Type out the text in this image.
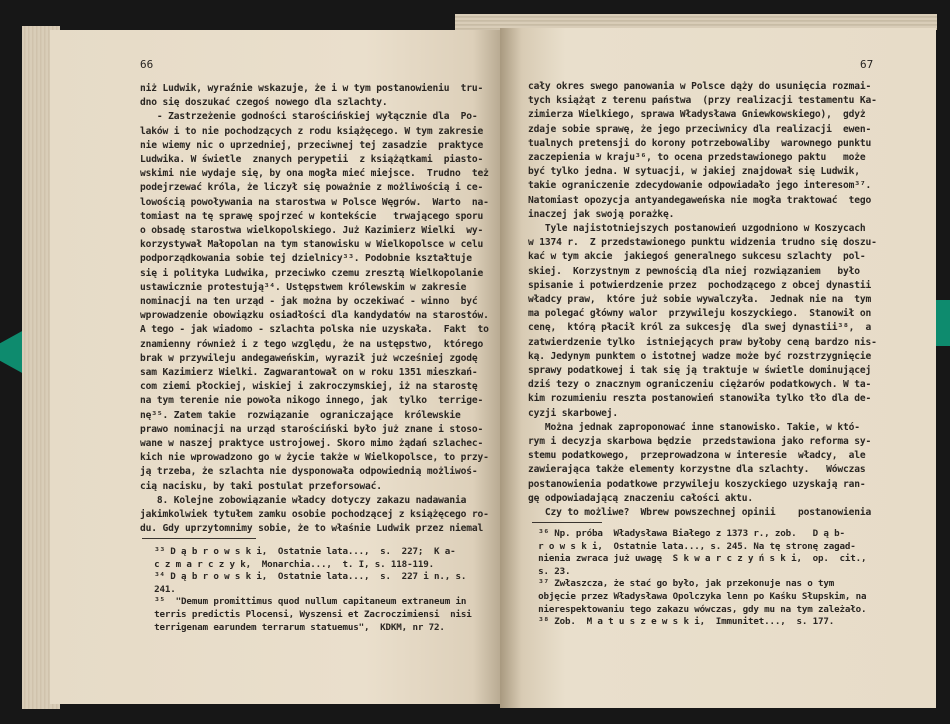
66
niż Ludwik, wyraźnie wskazuje, że i w tym postanowieniu  tru-
dno się doszukać czegoś nowego dla szlachty.
- Zastrzeżenie godności starościńskiej wyłącznie dla  Po-
laków i to nie pochodzących z rodu książęcego. W tym zakresie
nie wiemy nic o uprzedniej, przeciwnej tej zasadzie  praktyce
Ludwika. W świetle  znanych perypetii  z książątkami  piasto-
wskimi nie wydaje się, by ona mogła mieć miejsce.  Trudno  też
podejrzewać króla, że liczył się poważnie z możliwością i ce-
lowością powoływania na starostwa w Polsce Węgrów.  Warto  na-
tomiast na tę sprawę spojrzeć w kontekście   trwającego sporu
o obsadę starostwa wielkopolskiego. Już Kazimierz Wielki  wy-
korzystywał Małopolan na tym stanowisku w Wielkopolsce w celu
podporządkowania sobie tej dzielnicy³³. Podobnie kształtuje
się i polityka Ludwika, przeciwko czemu zresztą Wielkopolanie
ustawicznie protestują³⁴. Ustępstwem królewskim w zakresie
nominacji na ten urząd - jak można by oczekiwać - winno  być
wprowadzenie obowiązku osiadłości dla kandydatów na starostów.
A tego - jak wiadomo - szlachta polska nie uzyskała.  Fakt  to
znamienny również i z tego względu, że na ustępstwo,  którego
brak w przywileju andegaweńskim, wyraził już wcześniej zgodę
sam Kazimierz Wielki. Zagwarantował on w roku 1351 mieszkań-
com ziemi płockiej, wiskiej i zakroczymskiej, iż na starostę
na tym terenie nie powoła nikogo innego, jak  tylko  terrige-
nę³⁵. Zatem takie  rozwiązanie  ograniczające  królewskie
prawo nominacji na urząd starościński było już znane i stoso-
wane w naszej praktyce ustrojowej. Skoro mimo żądań szlachec-
kich nie wprowadzono go w życie także w Wielkopolsce, to przy-
ją trzeba, że szlachta nie dysponowała odpowiednią możliwoś-
cią nacisku, by taki postulat przeforsować.
8. Kolejne zobowiązanie władcy dotyczy zakazu nadawania
jakimkolwiek tytułem zamku osobie pochodzącej z książęcego ro-
du. Gdy uprzytomnimy sobie, że to właśnie Ludwik przez niemal
³³ D ą b r o w s k i,  Ostatnie lata...,  s.  227;  K a-
c z m a r c z y k,  Monarchia...,  t. I, s. 118-119.
³⁴ D ą b r o w s k i,  Ostatnie lata...,  s.  227 i n., s.
241.
³⁵  "Demum promittimus quod nullum capitaneum extraneum in
terris predictis Plocensi, Wyszensi et Zacroczimiensi  nisi
terrigenam earundem terrarum statuemus",  KDKM, nr 72.
67
cały okres swego panowania w Polsce dąży do usunięcia rozmai-
tych książąt z terenu państwa  (przy realizacji testamentu Ka-
zimierza Wielkiego, sprawa Władysława Gniewkowskiego),  gdyż
zdaje sobie sprawę, że jego przeciwnicy dla realizacji  ewen-
tualnych pretensji do korony potrzebowaliby  warownego punktu
zaczepienia w kraju³⁶, to ocena przedstawionego paktu   może
być tylko jedna. W sytuacji, w jakiej znajdował się Ludwik,
takie ograniczenie zdecydowanie odpowiadało jego interesom³⁷.
Natomiast opozycja antyandegaweńska nie mogła traktować  tego
inaczej jak swoją porażkę.
Tyle najistotniejszych postanowień uzgodniono w Koszycach
w 1374 r.  Z przedstawionego punktu widzenia trudno się doszu-
kać w tym akcie  jakiegoś generalnego sukcesu szlachty  pol-
skiej.  Korzystnym z pewnością dla niej rozwiązaniem   było
spisanie i potwierdzenie przez  pochodzącego z obcej dynastii
władcy praw,  które już sobie wywalczyła.  Jednak nie na  tym
ma polegać główny walor  przywileju koszyckiego.  Stanowił on
cenę,  którą płacił król za sukcesję  dla swej dynastii³⁸,  a
zatwierdzenie tylko  istniejących praw byłoby ceną bardzo nis-
ką. Jedynym punktem o istotnej wadze może być rozstrzygnięcie
sprawy podatkowej i tak się ją traktuje w świetle dominującej
dziś tezy o znacznym ograniczeniu ciężarów podatkowych. W ta-
kim rozumieniu reszta postanowień stanowiła tylko tło dla de-
cyzji skarbowej.
Można jednak zaproponować inne stanowisko. Takie, w któ-
rym i decyzja skarbowa będzie  przedstawiona jako reforma sy-
stemu podatkowego,  przeprowadzona w interesie  władcy,  ale
zawierająca także elementy korzystne dla szlachty.   Wówczas
postanowienia podatkowe przywileju koszyckiego uzyskają ran-
gę odpowiadającą znaczeniu całości aktu.
Czy to możliwe?  Wbrew powszechnej opinii    postanowienia
³⁶ Np. próba  Władysława Białego z 1373 r., zob.   D ą b-
r o w s k i,  Ostatnie lata..., s. 245. Na tę stronę zagad-
nienia zwraca już uwagę  S k w a r c z y ń s k i,  op.  cit.,
s. 23.
³⁷ Zwłaszcza, że stać go było, jak przekonuje nas o tym
objęcie przez Władysława Opolczyka lenn po Kaśku Słupskim, na
nierespektowaniu tego zakazu wówczas, gdy mu na tym zależało.
³⁸ Zob.  M a t u s z e w s k i,  Immunitet...,  s. 177.
